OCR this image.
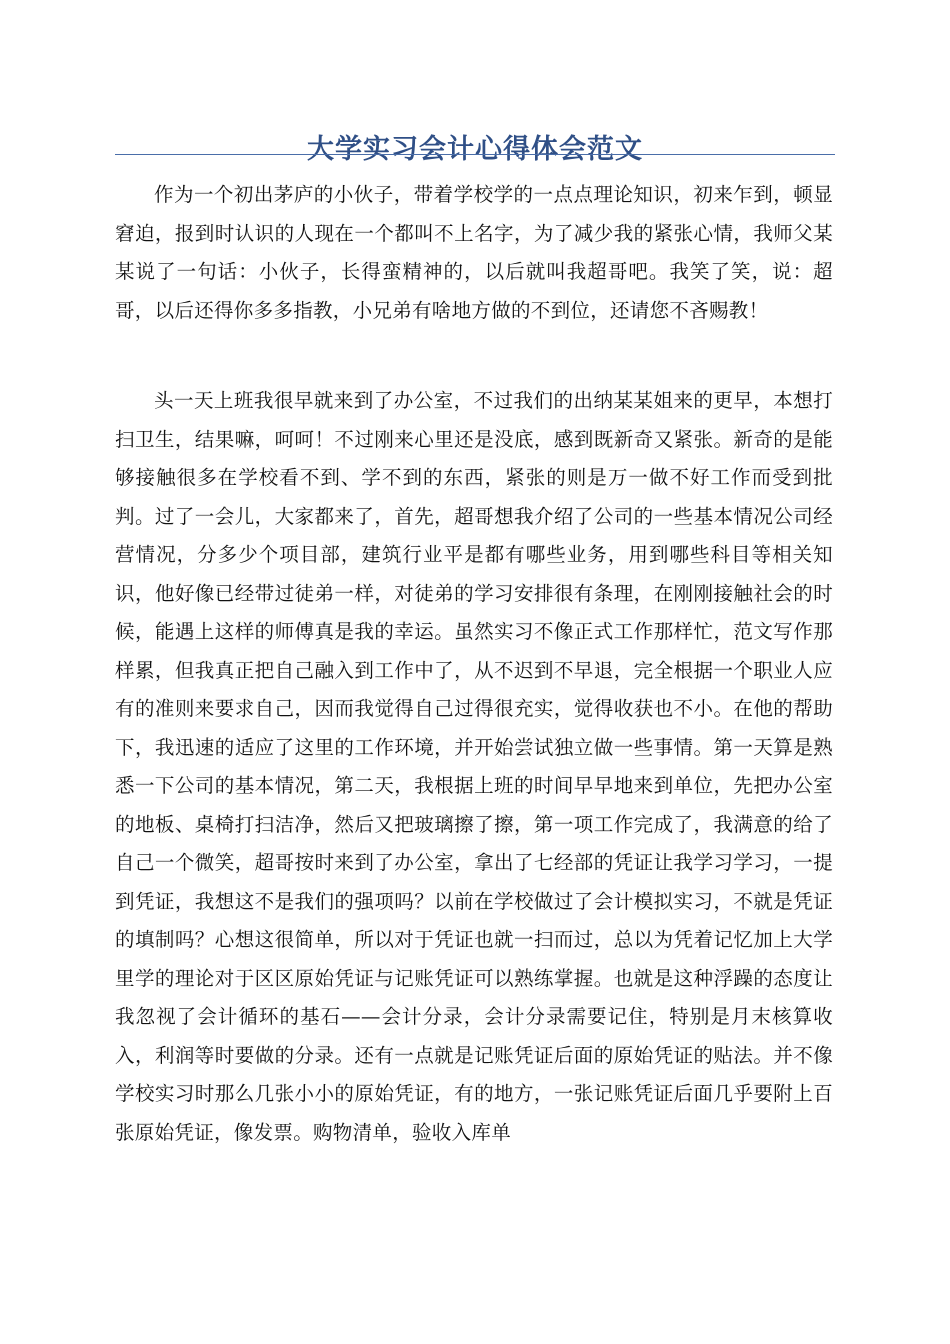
大学实习会计心得体会范文

作为一个初出茅庐的小伙子，带着学校学的一点点理论知识，初来乍到，顿显窘迫，报到时认识的人现在一个都叫不上名字，为了减少我的紧张心情，我师父某某说了一句话：小伙子，长得蛮精神的，以后就叫我超哥吧。我笑了笑，说：超哥，以后还得你多多指教，小兄弟有啥地方做的不到位，还请您不吝赐教！

头一天上班我很早就来到了办公室，不过我们的出纳某某姐来的更早，本想打扫卫生，结果嘛，呵呵！不过刚来心里还是没底，感到既新奇又紧张。新奇的是能够接触很多在学校看不到、学不到的东西，紧张的则是万一做不好工作而受到批判。过了一会儿，大家都来了，首先，超哥想我介绍了公司的一些基本情况公司经营情况，分多少个项目部，建筑行业平是都有哪些业务，用到哪些科目等相关知识，他好像已经带过徒弟一样，对徒弟的学习安排很有条理，在刚刚接触社会的时候，能遇上这样的师傅真是我的幸运。虽然实习不像正式工作那样忙，范文写作那样累，但我真正把自己融入到工作中了，从不迟到不早退，完全根据一个职业人应有的准则来要求自己，因而我觉得自己过得很充实，觉得收获也不小。在他的帮助下，我迅速的适应了这里的工作环境，并开始尝试独立做一些事情。第一天算是熟悉一下公司的基本情况，第二天，我根据上班的时间早早地来到单位，先把办公室的地板、桌椅打扫洁净，然后又把玻璃擦了擦，第一项工作完成了，我满意的给了自己一个微笑，超哥按时来到了办公室，拿出了七经部的凭证让我学习学习，一提到凭证，我想这不是我们的强项吗？以前在学校做过了会计模拟实习，不就是凭证的填制吗？心想这很简单，所以对于凭证也就一扫而过，总以为凭着记忆加上大学里学的理论对于区区原始凭证与记账凭证可以熟练掌握。也就是这种浮躁的态度让我忽视了会计循环的基石——会计分录，会计分录需要记住，特别是月末核算收入，利润等时要做的分录。还有一点就是记账凭证后面的原始凭证的贴法。并不像学校实习时那么几张小小的原始凭证，有的地方，一张记账凭证后面几乎要附上百张原始凭证，像发票。购物清单，验收入库单
